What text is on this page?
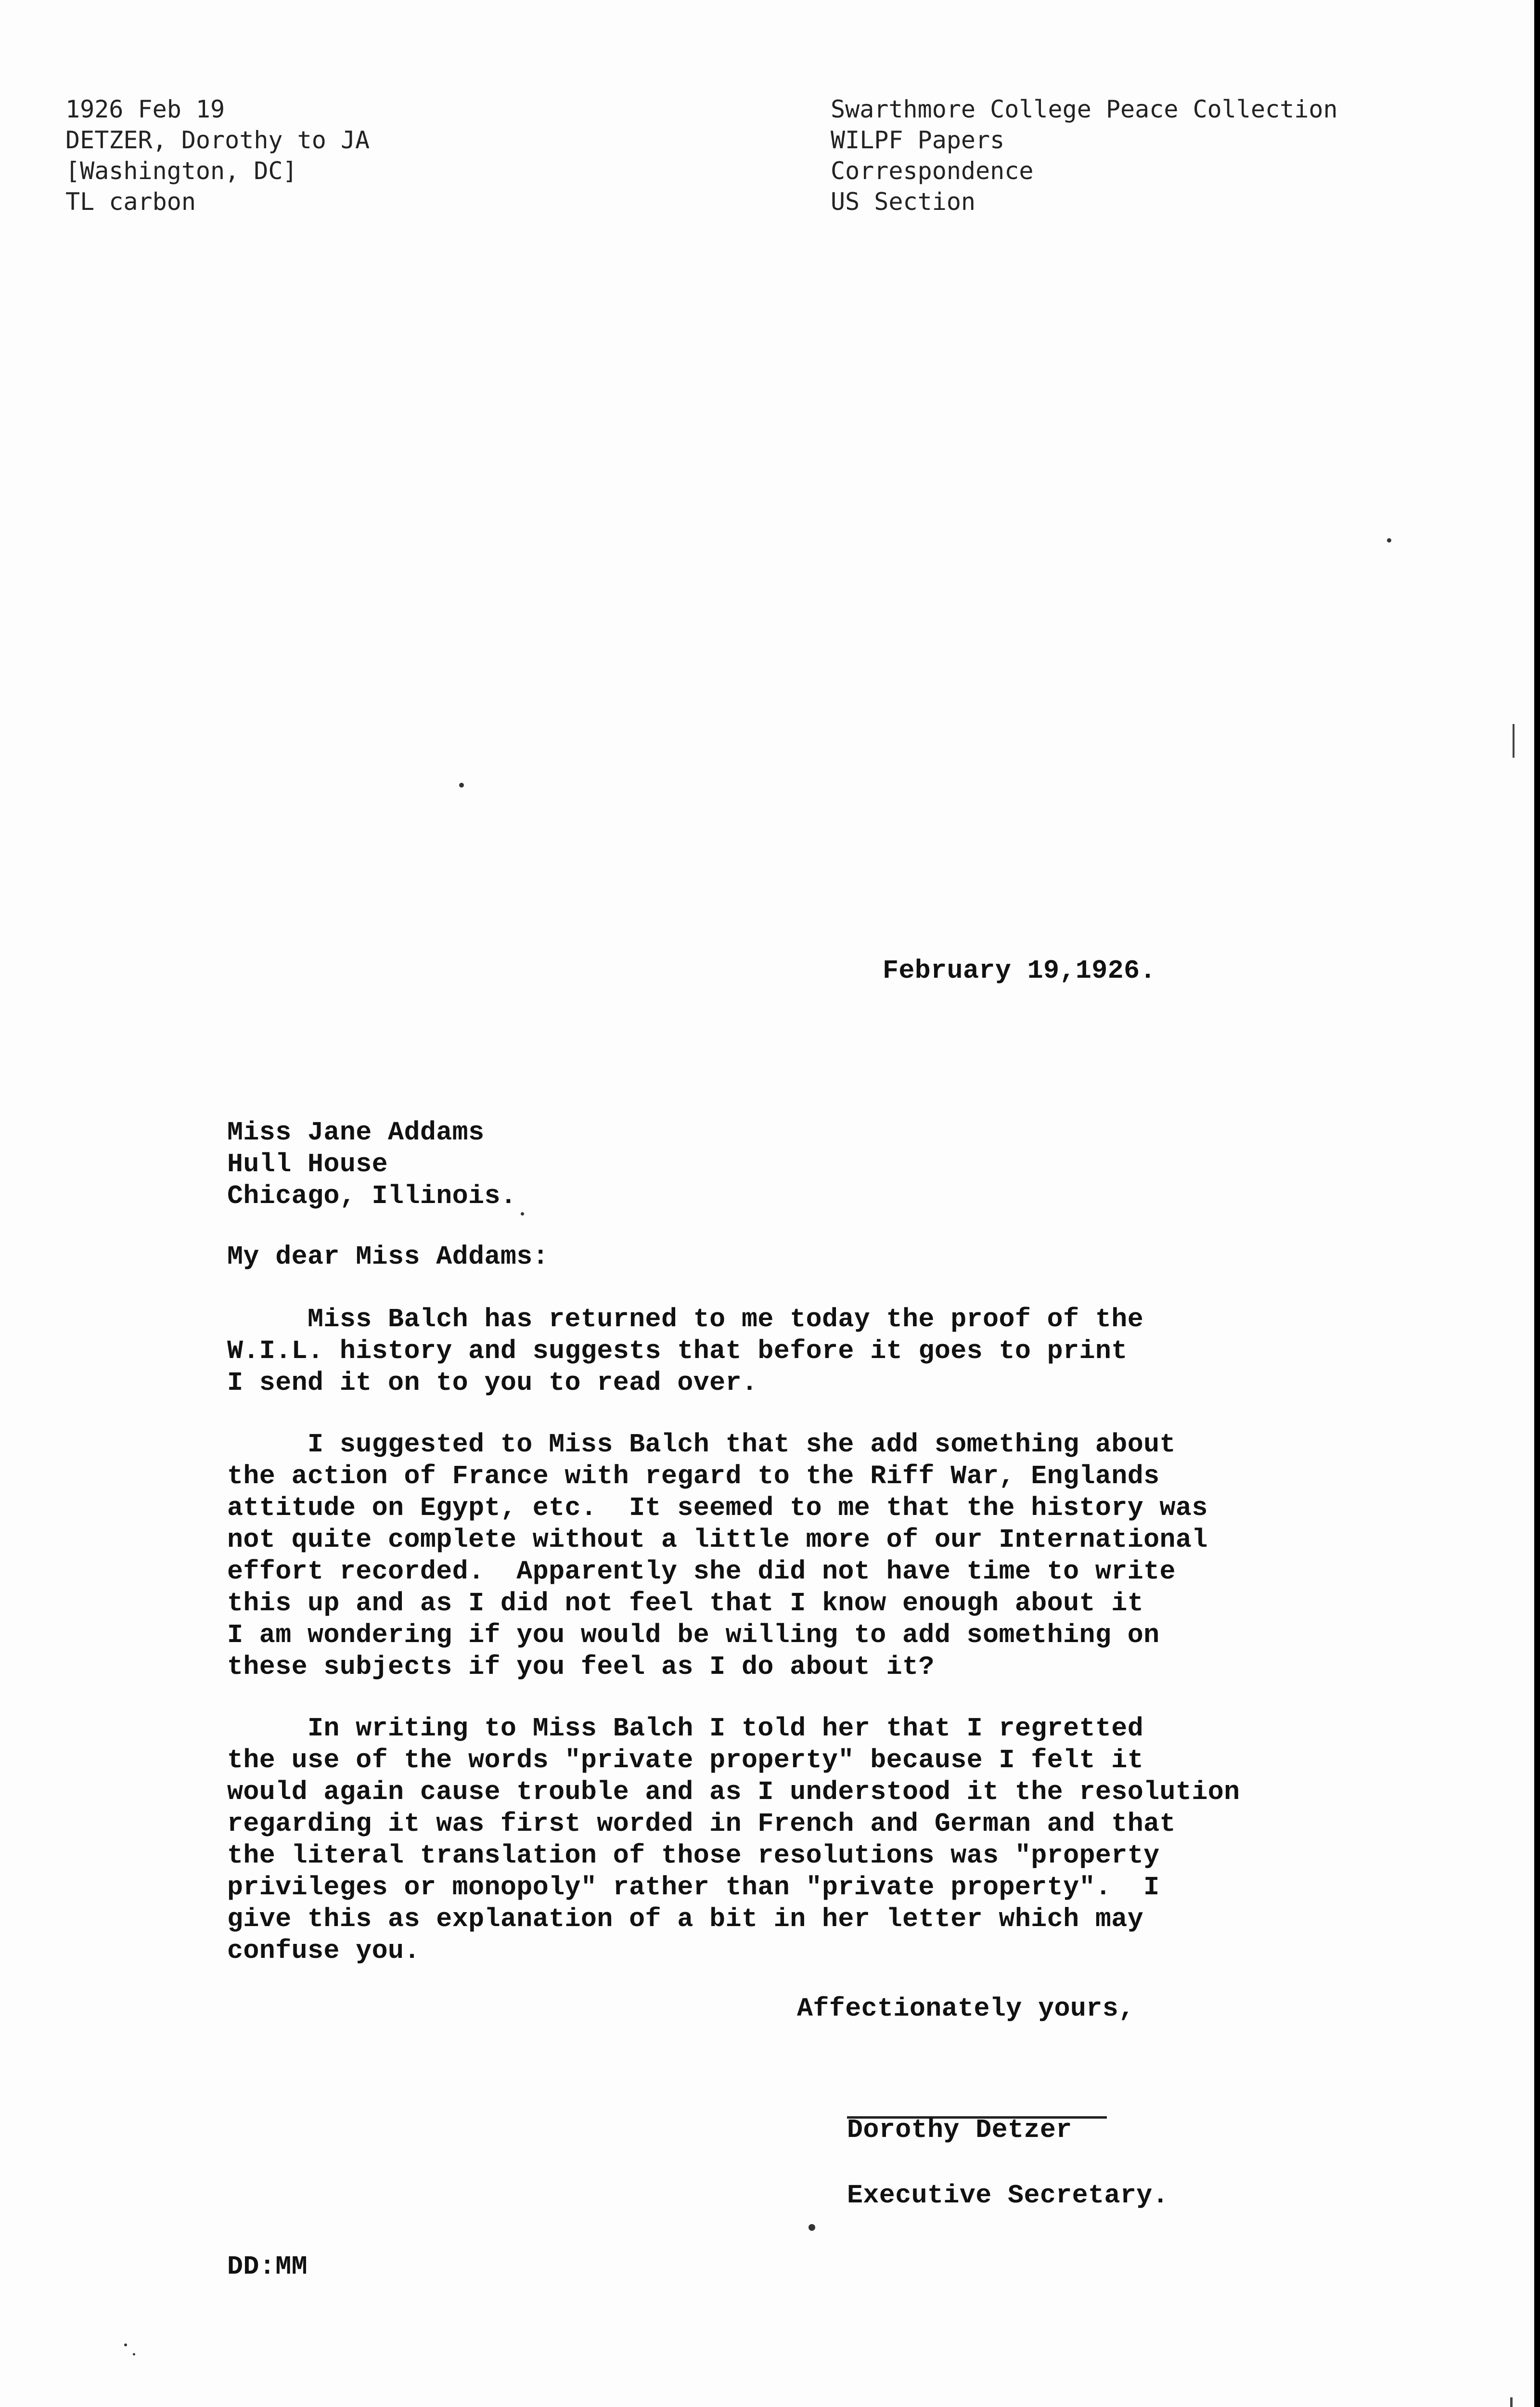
1926 Feb 19
DETZER, Dorothy to JA
[Washington, DC]
TL carbon
Swarthmore College Peace Collection
WILPF Papers
Correspondence
US Section
February 19,1926.
Miss Jane Addams
Hull House
Chicago, Illinois.
My dear Miss Addams:
Miss Balch has returned to me today the proof of the
W.I.L. history and suggests that before it goes to print
I send it on to you to read over.
I suggested to Miss Balch that she add something about
the action of France with regard to the Riff War, Englands
attitude on Egypt, etc.  It seemed to me that the history was
not quite complete without a little more of our International
effort recorded.  Apparently she did not have time to write
this up and as I did not feel that I know enough about it
I am wondering if you would be willing to add something on
these subjects if you feel as I do about it?
In writing to Miss Balch I told her that I regretted
the use of the words "private property" because I felt it
would again cause trouble and as I understood it the resolution
regarding it was first worded in French and German and that
the literal translation of those resolutions was "property
privileges or monopoly" rather than "private property".  I
give this as explanation of a bit in her letter which may
confuse you.
Affectionately yours,
Dorothy Detzer
Executive Secretary.
DD:MM
